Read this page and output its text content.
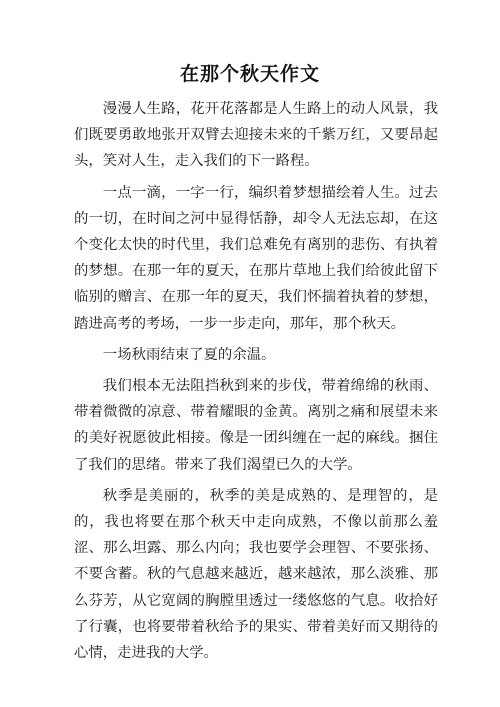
在那个秋天作文

漫漫人生路，花开花落都是人生路上的动人风景，我们既要勇敢地张开双臂去迎接未来的千紫万红，又要昂起头，笑对人生，走入我们的下一路程。

一点一滴，一字一行，编织着梦想描绘着人生。过去的一切，在时间之河中显得恬静，却令人无法忘却，在这个变化太快的时代里，我们总难免有离别的悲伤、有执着的梦想。在那一年的夏天，在那片草地上我们给彼此留下临别的赠言、在那一年的夏天，我们怀揣着执着的梦想，踏进高考的考场，一步一步走向，那年，那个秋天。

一场秋雨结束了夏的余温。

我们根本无法阻挡秋到来的步伐，带着绵绵的秋雨、带着微微的凉意、带着耀眼的金黄。离别之痛和展望未来的美好祝愿彼此相接。像是一团纠缠在一起的麻线。捆住了我们的思绪。带来了我们渴望已久的大学。

秋季是美丽的，秋季的美是成熟的、是理智的，是的，我也将要在那个秋天中走向成熟，不像以前那么羞涩、那么坦露、那么内向；我也要学会理智、不要张扬、不要含蓄。秋的气息越来越近，越来越浓，那么淡雅、那么芬芳，从它宽阔的胸膛里透过一缕悠悠的气息。收拾好了行囊，也将要带着秋给予的果实、带着美好而又期待的心情，走进我的大学。
